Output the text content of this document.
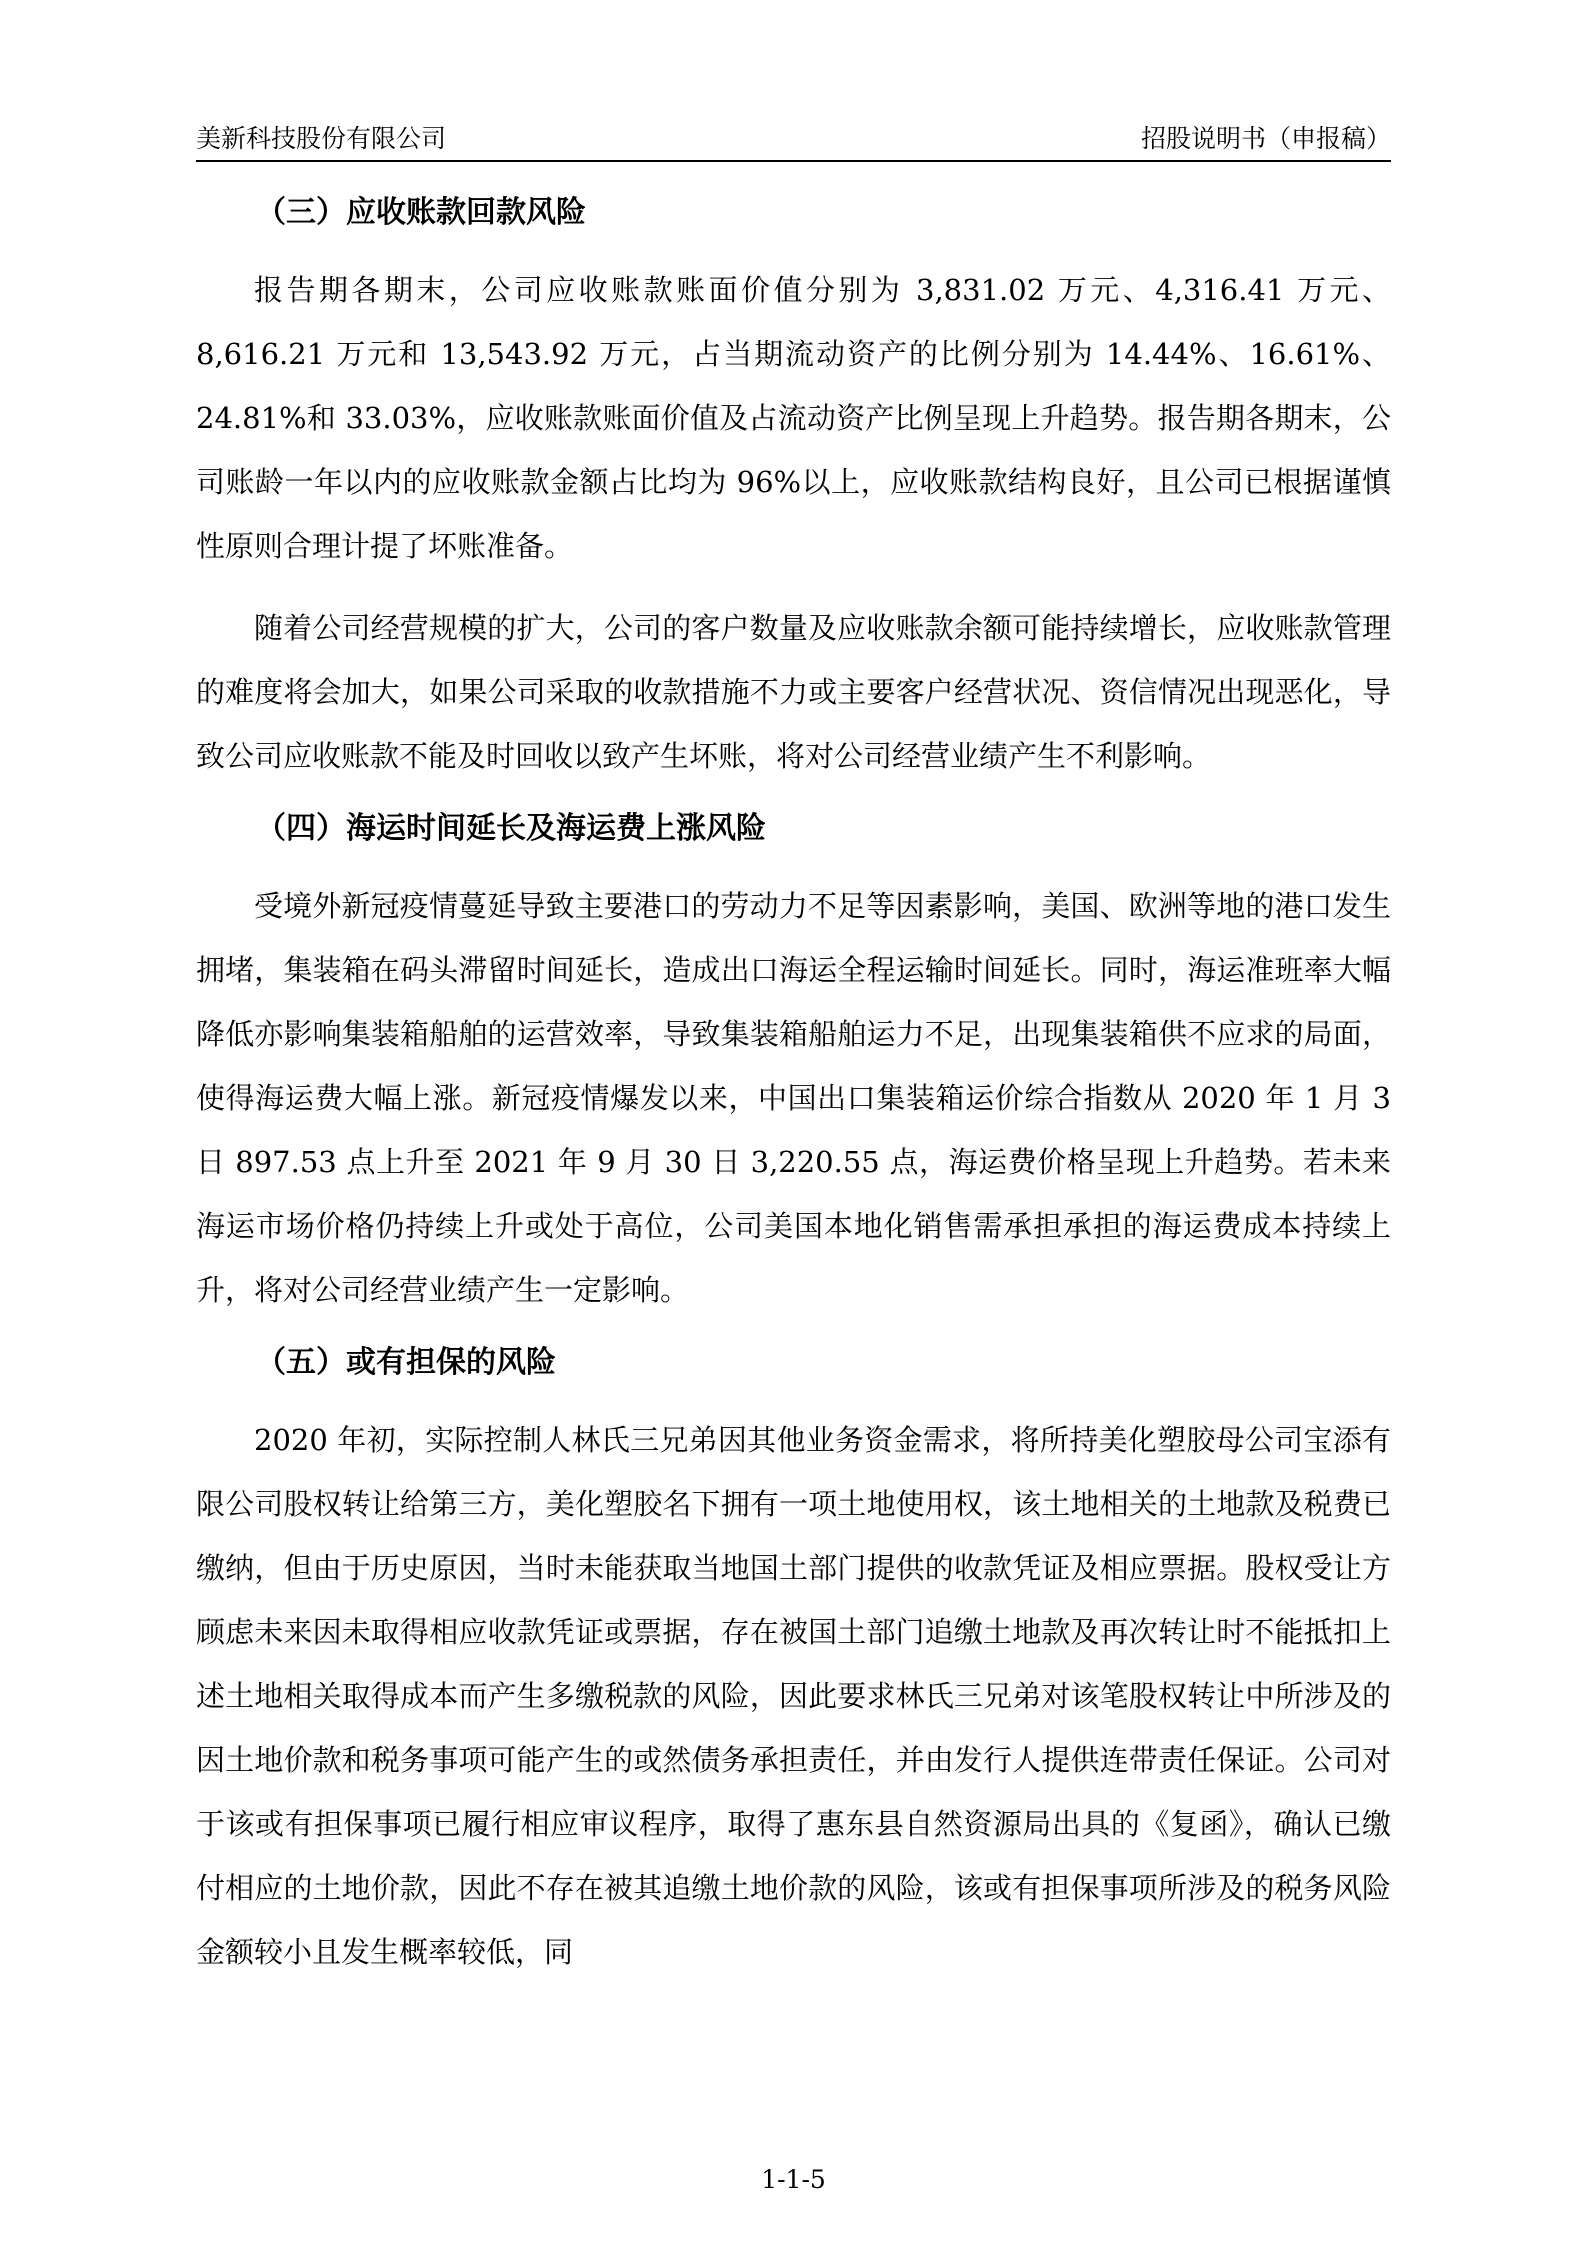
美新科技股份有限公司	招股说明书（申报稿）
（三）应收账款回款风险

报告期各期末，公司应收账款账面价值分别为 3,831.02 万元、4,316.41 万元、8,616.21 万元和 13,543.92 万元，占当期流动资产的比例分别为 14.44%、16.61%、24.81%和 33.03%，应收账款账面价值及占流动资产比例呈现上升趋势。报告期各期末，公司账龄一年以内的应收账款金额占比均为 96%以上，应收账款结构良好，且公司已根据谨慎性原则合理计提了坏账准备。

随着公司经营规模的扩大，公司的客户数量及应收账款余额可能持续增长，应收账款管理的难度将会加大，如果公司采取的收款措施不力或主要客户经营状况、资信情况出现恶化，导致公司应收账款不能及时回收以致产生坏账，将对公司经营业绩产生不利影响。

（四）海运时间延长及海运费上涨风险

受境外新冠疫情蔓延导致主要港口的劳动力不足等因素影响，美国、欧洲等地的港口发生拥堵，集装箱在码头滞留时间延长，造成出口海运全程运输时间延长。同时，海运准班率大幅降低亦影响集装箱船舶的运营效率，导致集装箱船舶运力不足，出现集装箱供不应求的局面，使得海运费大幅上涨。新冠疫情爆发以来，中国出口集装箱运价综合指数从 2020 年 1 月 3 日 897.53 点上升至 2021 年 9 月 30 日 3,220.55 点，海运费价格呈现上升趋势。若未来海运市场价格仍持续上升或处于高位，公司美国本地化销售需承担承担的海运费成本持续上升，将对公司经营业绩产生一定影响。

（五）或有担保的风险

2020 年初，实际控制人林氏三兄弟因其他业务资金需求，将所持美化塑胶母公司宝添有限公司股权转让给第三方，美化塑胶名下拥有一项土地使用权，该土地相关的土地款及税费已缴纳，但由于历史原因，当时未能获取当地国土部门提供的收款凭证及相应票据。股权受让方顾虑未来因未取得相应收款凭证或票据，存在被国土部门追缴土地款及再次转让时不能抵扣上述土地相关取得成本而产生多缴税款的风险，因此要求林氏三兄弟对该笔股权转让中所涉及的因土地价款和税务事项可能产生的或然债务承担责任，并由发行人提供连带责任保证。公司对于该或有担保事项已履行相应审议程序，取得了惠东县自然资源局出具的《复函》，确认已缴付相应的土地价款，因此不存在被其追缴土地价款的风险，该或有担保事项所涉及的税务风险金额较小且发生概率较低，同

1-1-5
